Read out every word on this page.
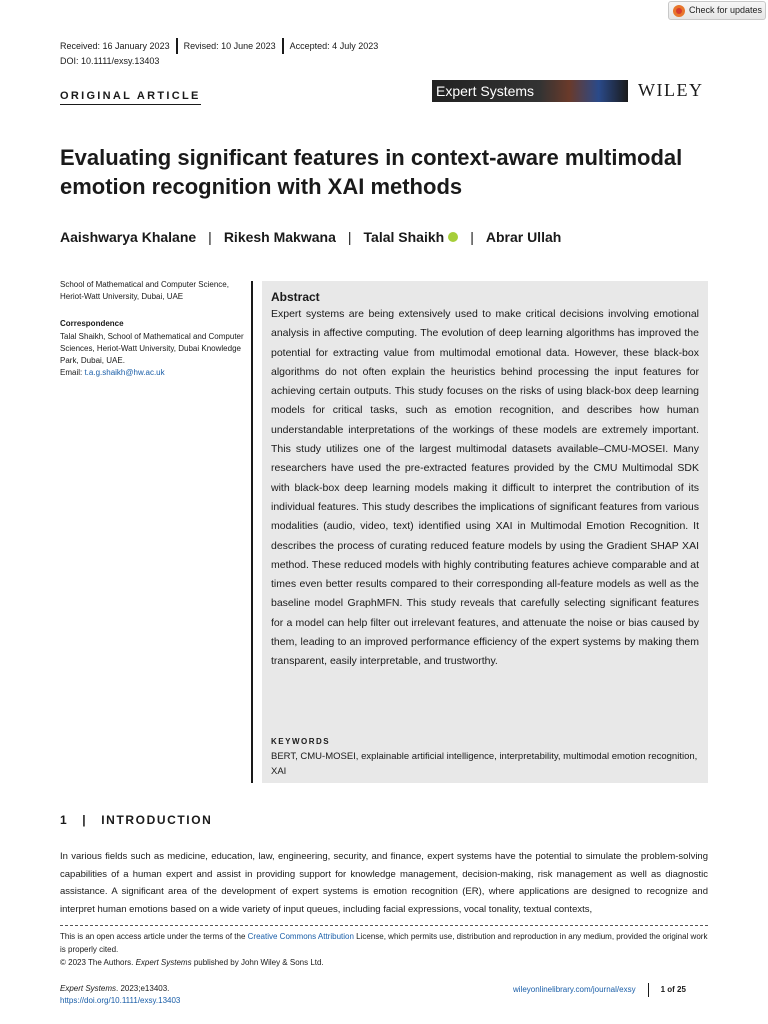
Check for updates
Received: 16 January 2023 Revised: 10 June 2023 Accepted: 4 July 2023
DOI: 10.1111/exsy.13403
ORIGINAL ARTICLE	Expert Systems	WILEY
Evaluating significant features in context-aware multimodal emotion recognition with XAI methods
Aaishwarya Khalane | Rikesh Makwana | Talal Shaikh | Abrar Ullah
School of Mathematical and Computer Science, Heriot-Watt University, Dubai, UAE
Correspondence
Talal Shaikh, School of Mathematical and Computer Sciences, Heriot-Watt University, Dubai Knowledge Park, Dubai, UAE.
Email: t.a.g.shaikh@hw.ac.uk
Abstract
Expert systems are being extensively used to make critical decisions involving emotional analysis in affective computing. The evolution of deep learning algorithms has improved the potential for extracting value from multimodal emotional data. However, these black-box algorithms do not often explain the heuristics behind processing the input features for achieving certain outputs. This study focuses on the risks of using black-box deep learning models for critical tasks, such as emotion recognition, and describes how human understandable interpretations of the workings of these models are extremely important. This study utilizes one of the largest multimodal datasets available–CMU-MOSEI. Many researchers have used the pre-extracted features provided by the CMU Multimodal SDK with black-box deep learning models making it difficult to interpret the contribution of its individual features. This study describes the implications of significant features from various modalities (audio, video, text) identified using XAI in Multimodal Emotion Recognition. It describes the process of curating reduced feature models by using the Gradient SHAP XAI method. These reduced models with highly contributing features achieve comparable and at times even better results compared to their corresponding all-feature models as well as the baseline model GraphMFN. This study reveals that carefully selecting significant features for a model can help filter out irrelevant features, and attenuate the noise or bias caused by them, leading to an improved performance efficiency of the expert systems by making them transparent, easily interpretable, and trustworthy.
KEYWORDS
BERT, CMU-MOSEI, explainable artificial intelligence, interpretability, multimodal emotion recognition, XAI
1 | INTRODUCTION
In various fields such as medicine, education, law, engineering, security, and finance, expert systems have the potential to simulate the problem-solving capabilities of a human expert and assist in providing support for knowledge management, decision-making, risk management as well as diagnostic assistance. A significant area of the development of expert systems is emotion recognition (ER), where applications are designed to recognize and interpret human emotions based on a wide variety of input queues, including facial expressions, vocal tonality, textual contexts,
This is an open access article under the terms of the Creative Commons Attribution License, which permits use, distribution and reproduction in any medium, provided the original work is properly cited.
© 2023 The Authors. Expert Systems published by John Wiley & Sons Ltd.
Expert Systems. 2023;e13403.
https://doi.org/10.1111/exsy.13403
wileyonlinelibrary.com/journal/exsy	1 of 25
